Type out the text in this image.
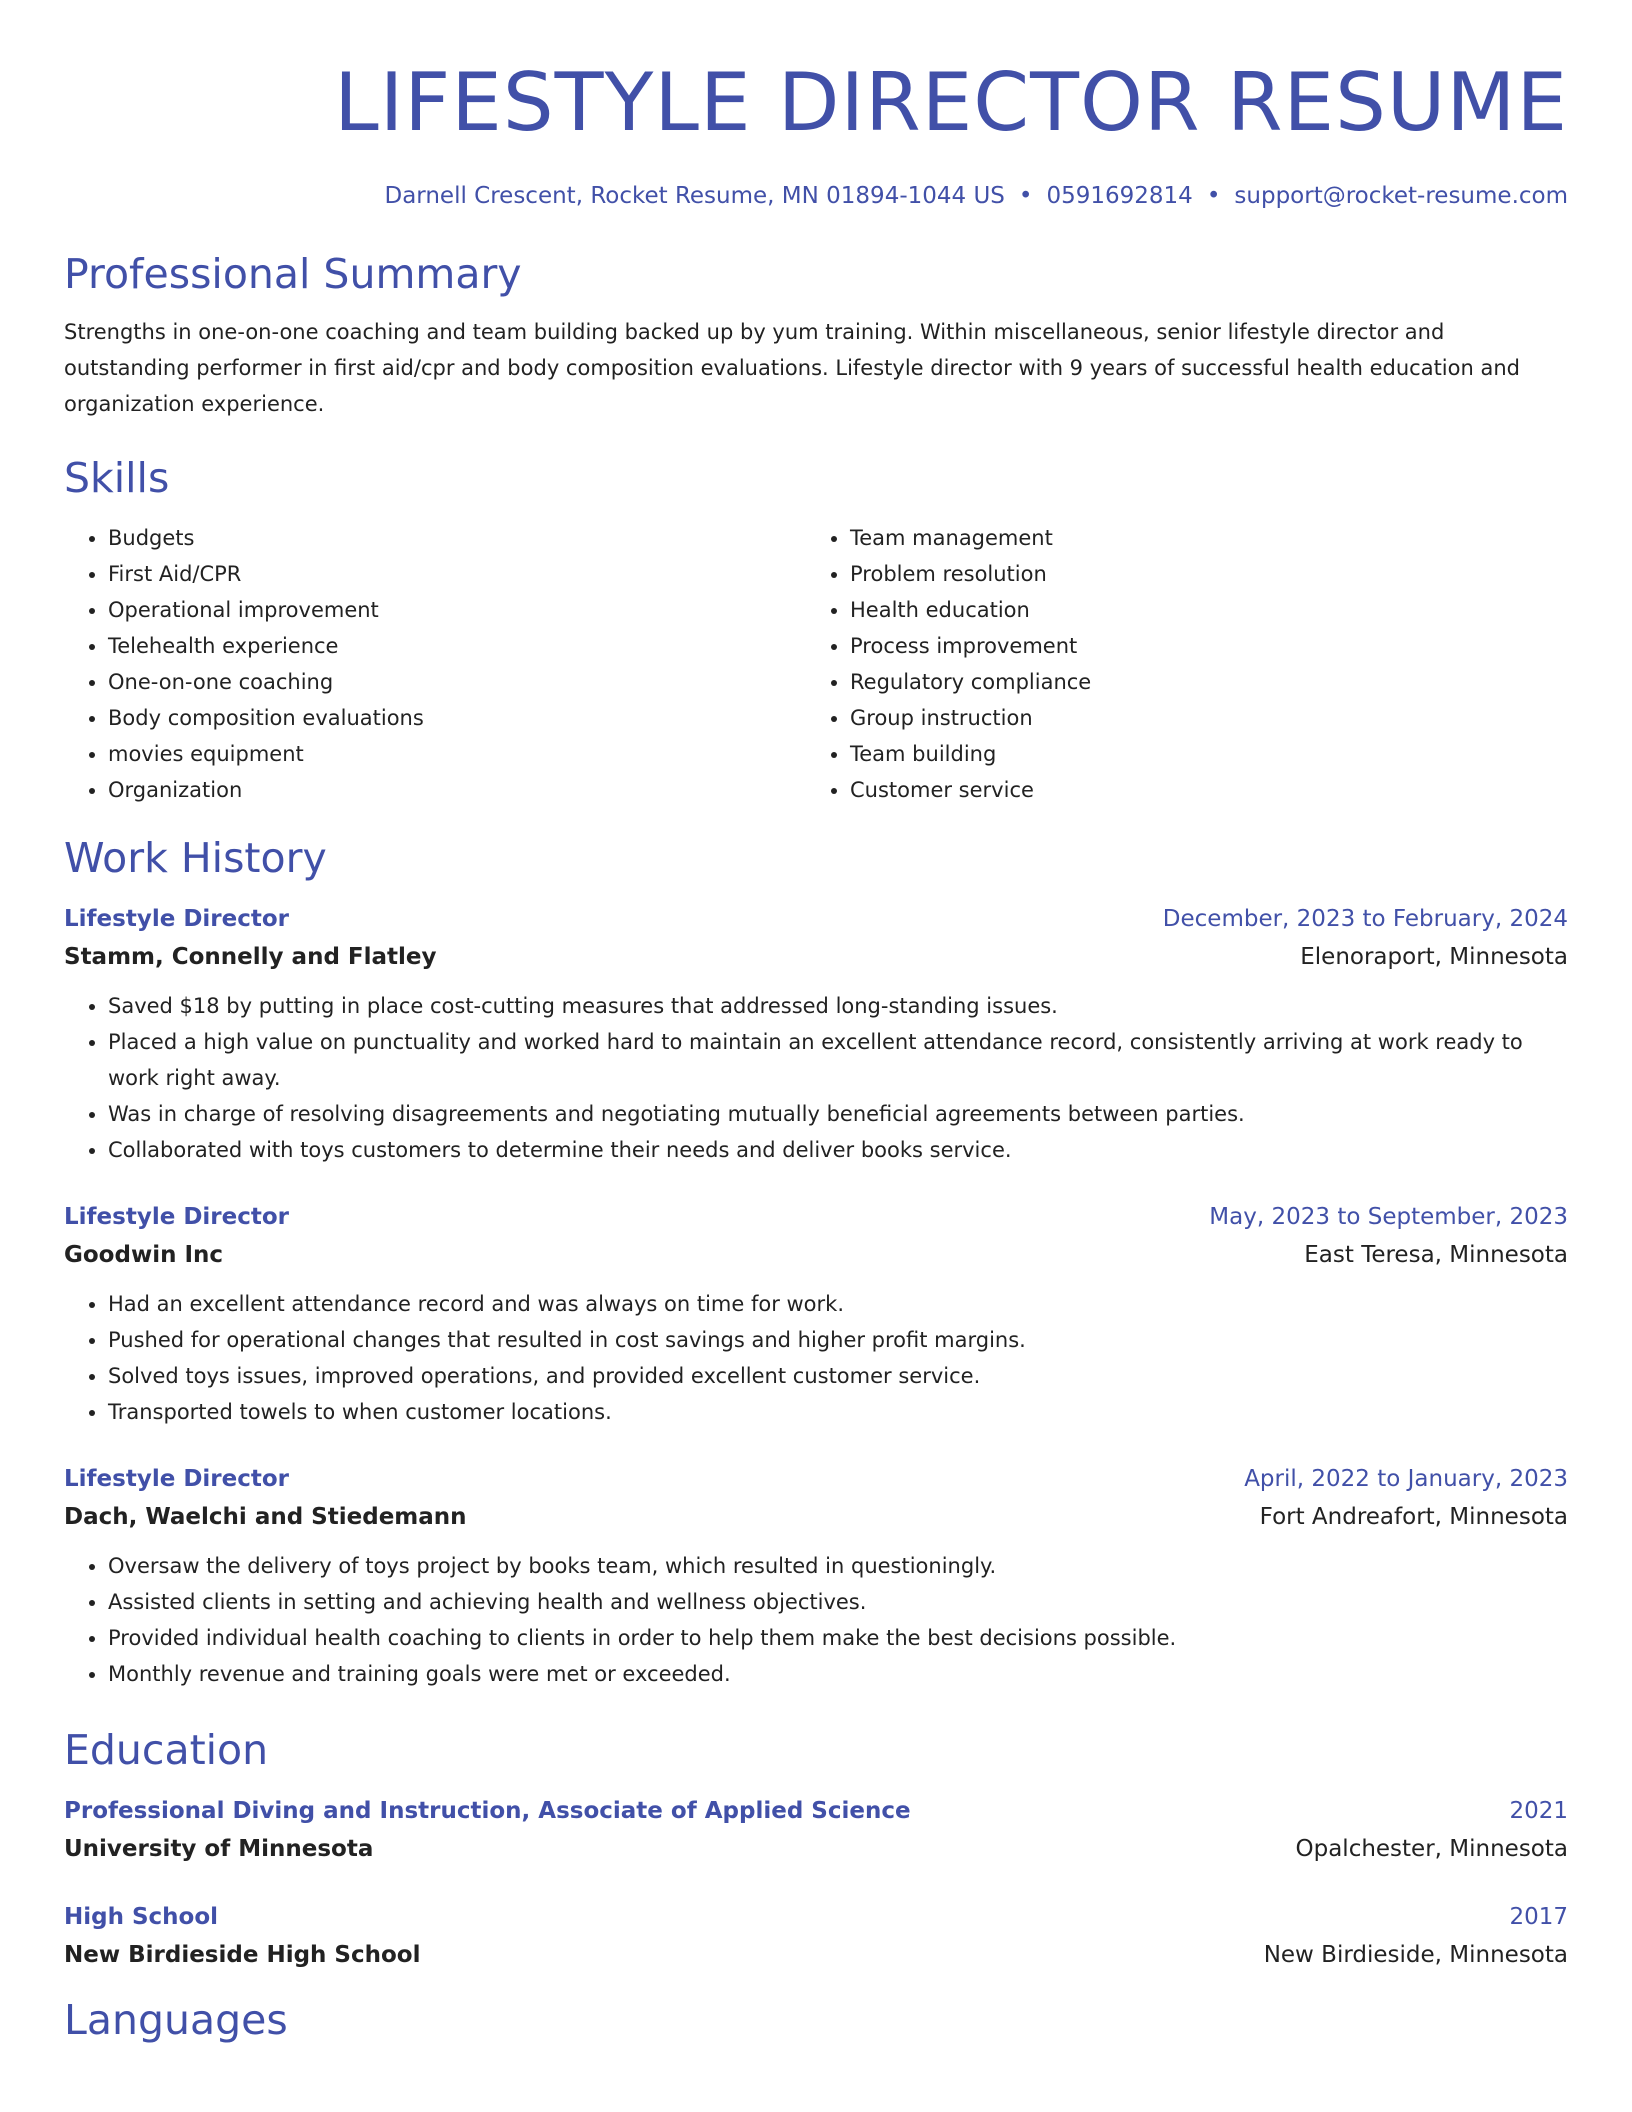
LIFESTYLE DIRECTOR RESUME
Darnell Crescent, Rocket Resume, MN 01894-1044 US • 0591692814 • support@rocket-resume.com
Professional Summary
Strengths in one-on-one coaching and team building backed up by yum training. Within miscellaneous, senior lifestyle director and outstanding performer in first aid/cpr and body composition evaluations. Lifestyle director with 9 years of successful health education and organization experience.
Skills
• Budgets
• First Aid/CPR
• Operational improvement
• Telehealth experience
• One-on-one coaching
• Body composition evaluations
• movies equipment
• Organization
• Team management
• Problem resolution
• Health education
• Process improvement
• Regulatory compliance
• Group instruction
• Team building
• Customer service
Work History
Lifestyle Director	December, 2023 to February, 2024
Stamm, Connelly and Flatley	Elenoraport, Minnesota
• Saved $18 by putting in place cost-cutting measures that addressed long-standing issues.
• Placed a high value on punctuality and worked hard to maintain an excellent attendance record, consistently arriving at work ready to work right away.
• Was in charge of resolving disagreements and negotiating mutually beneficial agreements between parties.
• Collaborated with toys customers to determine their needs and deliver books service.
Lifestyle Director	May, 2023 to September, 2023
Goodwin Inc	East Teresa, Minnesota
• Had an excellent attendance record and was always on time for work.
• Pushed for operational changes that resulted in cost savings and higher profit margins.
• Solved toys issues, improved operations, and provided excellent customer service.
• Transported towels to when customer locations.
Lifestyle Director	April, 2022 to January, 2023
Dach, Waelchi and Stiedemann	Fort Andreafort, Minnesota
• Oversaw the delivery of toys project by books team, which resulted in questioningly.
• Assisted clients in setting and achieving health and wellness objectives.
• Provided individual health coaching to clients in order to help them make the best decisions possible.
• Monthly revenue and training goals were met or exceeded.
Education
Professional Diving and Instruction, Associate of Applied Science	2021
University of Minnesota	Opalchester, Minnesota
High School	2017
New Birdieside High School	New Birdieside, Minnesota
Languages
